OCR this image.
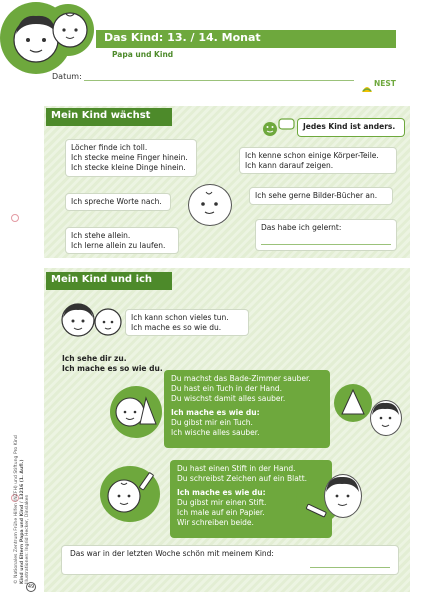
Das Kind: 13. / 14. Monat
Papa und Kind
Datum:
NEST
Mein Kind wächst
Jedes Kind ist anders.
Löcher finde ich toll.
Ich stecke meine Finger hinein.
Ich stecke kleine Dinge hinein.
Ich kenne schon einige Körper-Teile.
Ich kann darauf zeigen.
Ich spreche Worte nach.
Ich sehe gerne Bilder-Bücher an.
Ich stehe allein.
Ich lerne allein zu laufen.
Das habe ich gelernt:
Mein Kind und ich
Ich kann schon vieles tun.
Ich mache es so wie du.
Ich sehe dir zu.
Ich mache es so wie du.
Du machst das Bade-Zimmer sauber.
Du hast ein Tuch in der Hand.
Du wischst damit alles sauber.
Ich mache es wie du:
Du gibst mir ein Tuch.
Ich wische alles sauber.
Du hast einen Stift in der Hand.
Du schreibst Zeichen auf ein Blatt.
Ich mache es wie du:
Du gibst mir einen Stift.
Ich male auf ein Papier.
Wir schreiben beide.
Das war in der letzten Woche schön mit meinem Kind:
© Nationales Zentrum Frühe Hilfen (NZFH) und Stiftung Pro Kind Kind und Eltern Papa und Kind / 13216 (1. Aufl.) Illustrationen: Ingrid Hecker, Dinslaken
49
